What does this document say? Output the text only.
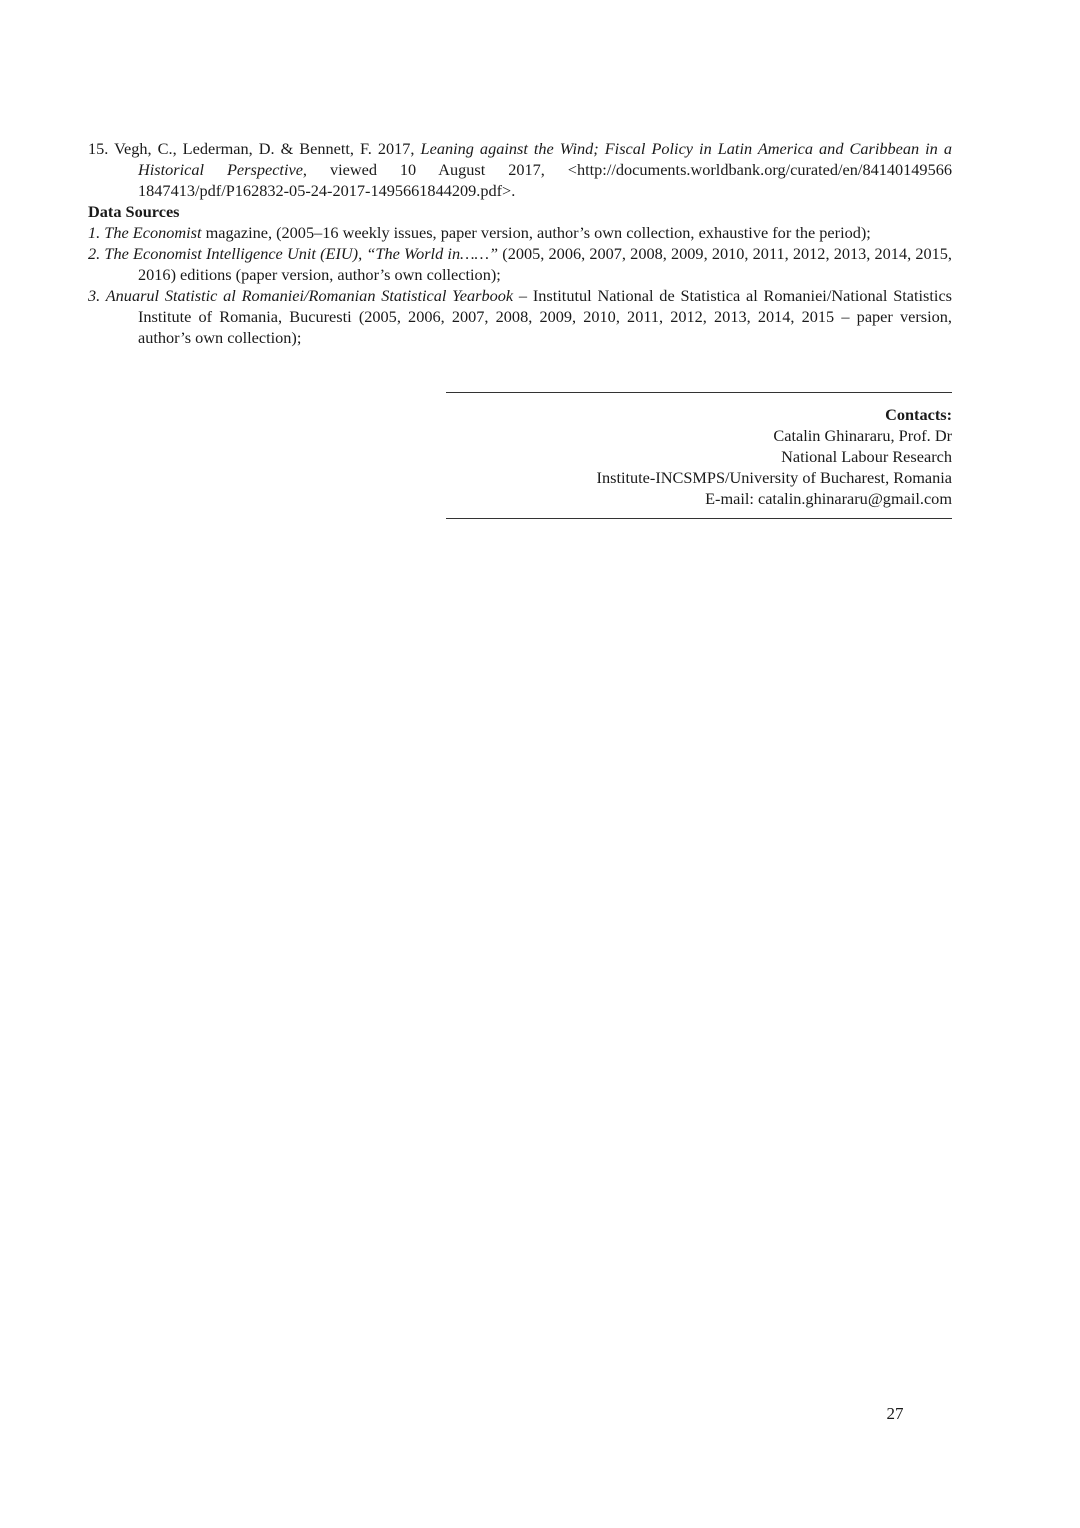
15. Vegh, C., Lederman, D. & Bennett, F. 2017, Leaning against the Wind; Fiscal Policy in Latin America and Caribbean in a Historical Perspective, viewed 10 August 2017, <http://documents.worldbank.org/curated/en/84140149566 1847413/pdf/P162832-05-24-2017-1495661844209.pdf>.

Data Sources

1. The Economist magazine, (2005–16 weekly issues, paper version, author’s own collection, exhaustive for the period);

2. The Economist Intelligence Unit (EIU), “The World in……” (2005, 2006, 2007, 2008, 2009, 2010, 2011, 2012, 2013, 2014, 2015, 2016) editions (paper version, author’s own collection);

3. Anuarul Statistic al Romaniei/Romanian Statistical Yearbook – Institutul National de Statistica al Romaniei/National Statistics Institute of Romania, Bucuresti (2005, 2006, 2007, 2008, 2009, 2010, 2011, 2012, 2013, 2014, 2015 – paper version, author’s own collection);

Contacts:
Catalin Ghinararu, Prof. Dr
National Labour Research
Institute-INCSMPS/University of Bucharest, Romania
E-mail: catalin.ghinararu@gmail.com
27
